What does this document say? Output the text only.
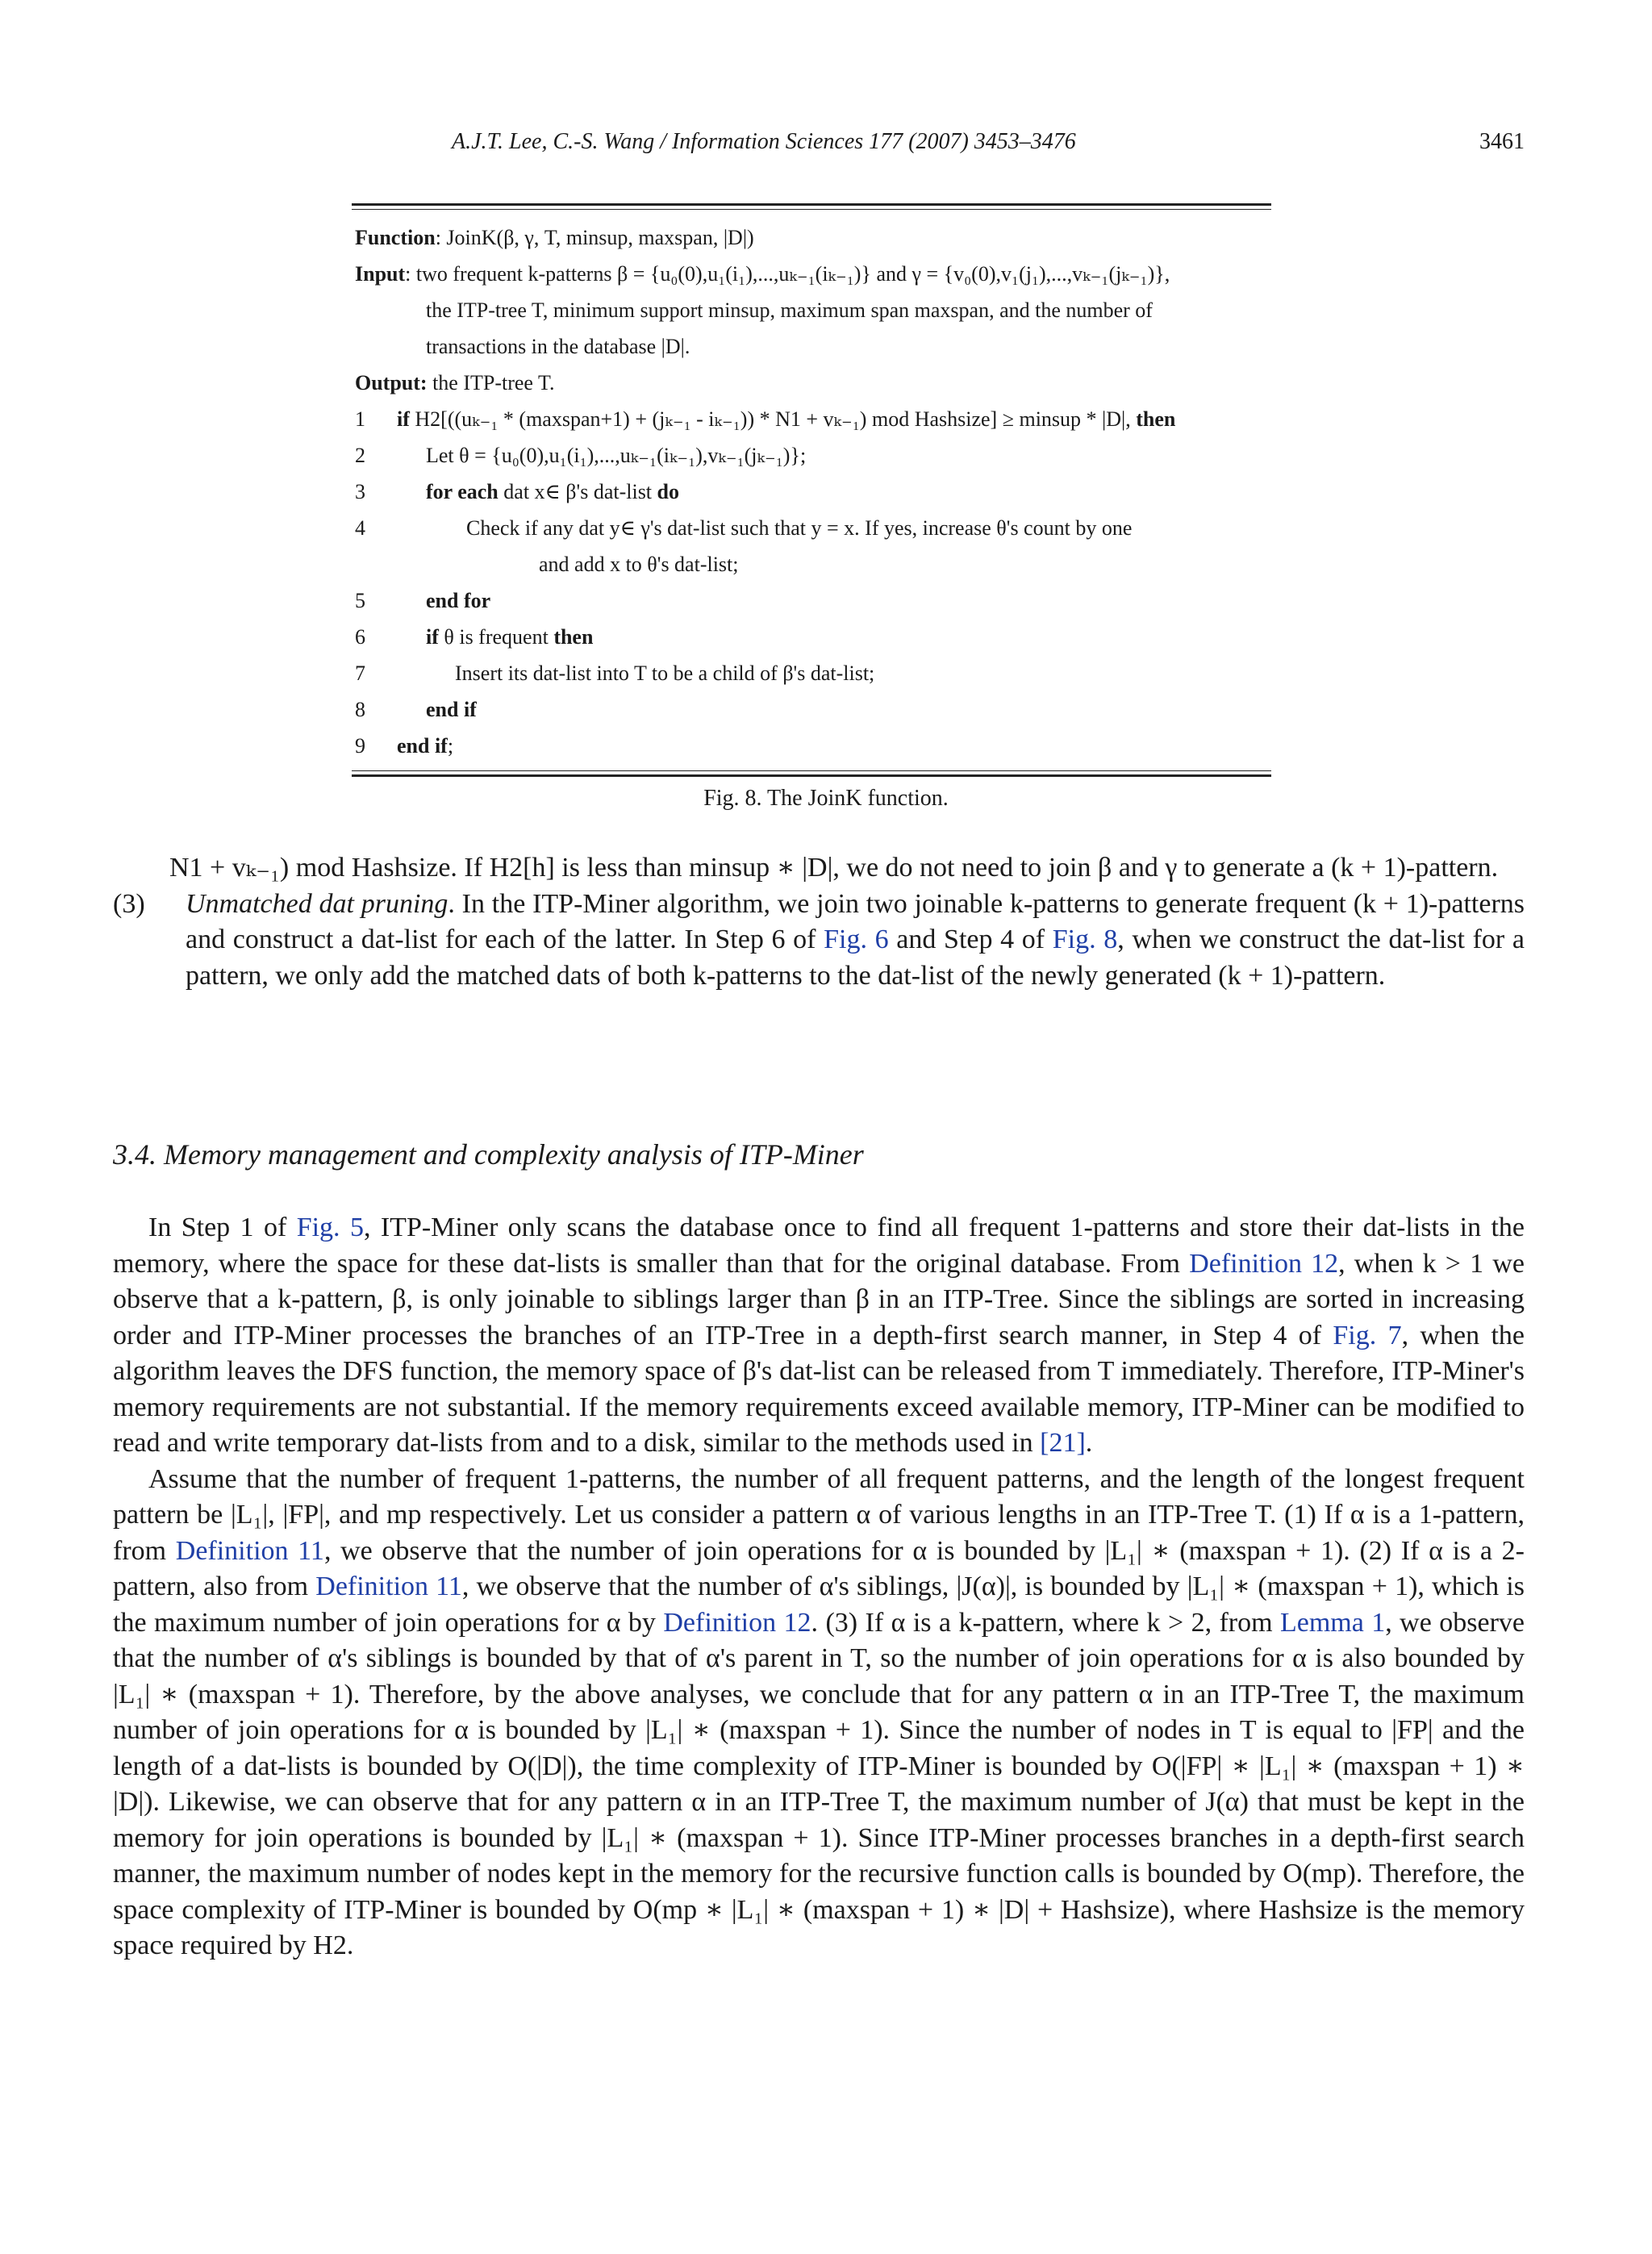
A.J.T. Lee, C.-S. Wang / Information Sciences 177 (2007) 3453–3476	3461
Function: JoinK(β, γ, T, minsup, maxspan, |D|)
Input: two frequent k-patterns β = {u₀(0),u₁(i₁),...,uₖ₋₁(iₖ₋₁)} and γ = {v₀(0),v₁(j₁),...,vₖ₋₁(jₖ₋₁)},
the ITP-tree T, minimum support minsup, maximum span maxspan, and the number of
transactions in the database |D|.
Output: the ITP-tree T.
1 if H2[((uₖ₋₁ * (maxspan+1) + (jₖ₋₁ - iₖ₋₁)) * N1 + vₖ₋₁) mod Hashsize] ≥ minsup * |D|, then
2	Let θ = {u₀(0),u₁(i₁),...,uₖ₋₁(iₖ₋₁),vₖ₋₁(jₖ₋₁)};
3	for each dat x∈ β's dat-list do
4	Check if any dat y∈ γ's dat-list such that y = x. If yes, increase θ's count by one
and add x to θ's dat-list;
5	end for
6	if θ is frequent then
7	Insert its dat-list into T to be a child of β's dat-list;
8	end if
9 end if;
Fig. 8. The JoinK function.
N1 + vₖ₋₁) mod Hashsize. If H2[h] is less than minsup ∗ |D|, we do not need to join β and γ to generate a (k + 1)-pattern.
(3) Unmatched dat pruning. In the ITP-Miner algorithm, we join two joinable k-patterns to generate frequent (k + 1)-patterns and construct a dat-list for each of the latter. In Step 6 of Fig. 6 and Step 4 of Fig. 8, when we construct the dat-list for a pattern, we only add the matched dats of both k-patterns to the dat-list of the newly generated (k + 1)-pattern.
3.4. Memory management and complexity analysis of ITP-Miner
In Step 1 of Fig. 5, ITP-Miner only scans the database once to find all frequent 1-patterns and store their dat-lists in the memory, where the space for these dat-lists is smaller than that for the original database. From Definition 12, when k > 1 we observe that a k-pattern, β, is only joinable to siblings larger than β in an ITP-Tree. Since the siblings are sorted in increasing order and ITP-Miner processes the branches of an ITP-Tree in a depth-first search manner, in Step 4 of Fig. 7, when the algorithm leaves the DFS function, the memory space of β's dat-list can be released from T immediately. Therefore, ITP-Miner's memory requirements are not substantial. If the memory requirements exceed available memory, ITP-Miner can be modified to read and write temporary dat-lists from and to a disk, similar to the methods used in [21].
Assume that the number of frequent 1-patterns, the number of all frequent patterns, and the length of the longest frequent pattern be |L₁|, |FP|, and mp respectively. Let us consider a pattern α of various lengths in an ITP-Tree T. (1) If α is a 1-pattern, from Definition 11, we observe that the number of join operations for α is bounded by |L₁| ∗ (maxspan + 1). (2) If α is a 2-pattern, also from Definition 11, we observe that the number of α's siblings, |J(α)|, is bounded by |L₁| ∗ (maxspan + 1), which is the maximum number of join operations for α by Definition 12. (3) If α is a k-pattern, where k > 2, from Lemma 1, we observe that the number of α's siblings is bounded by that of α's parent in T, so the number of join operations for α is also bounded by |L₁| ∗ (maxspan + 1). Therefore, by the above analyses, we conclude that for any pattern α in an ITP-Tree T, the maximum number of join operations for α is bounded by |L₁| ∗ (maxspan + 1). Since the number of nodes in T is equal to |FP| and the length of a dat-lists is bounded by O(|D|), the time complexity of ITP-Miner is bounded by O(|FP| ∗ |L₁| ∗ (maxspan + 1) ∗ |D|). Likewise, we can observe that for any pattern α in an ITP-Tree T, the maximum number of J(α) that must be kept in the memory for join operations is bounded by |L₁| ∗ (maxspan + 1). Since ITP-Miner processes branches in a depth-first search manner, the maximum number of nodes kept in the memory for the recursive function calls is bounded by O(mp). Therefore, the space complexity of ITP-Miner is bounded by O(mp ∗ |L₁| ∗ (maxspan + 1) ∗ |D| + Hashsize), where Hashsize is the memory space required by H2.
